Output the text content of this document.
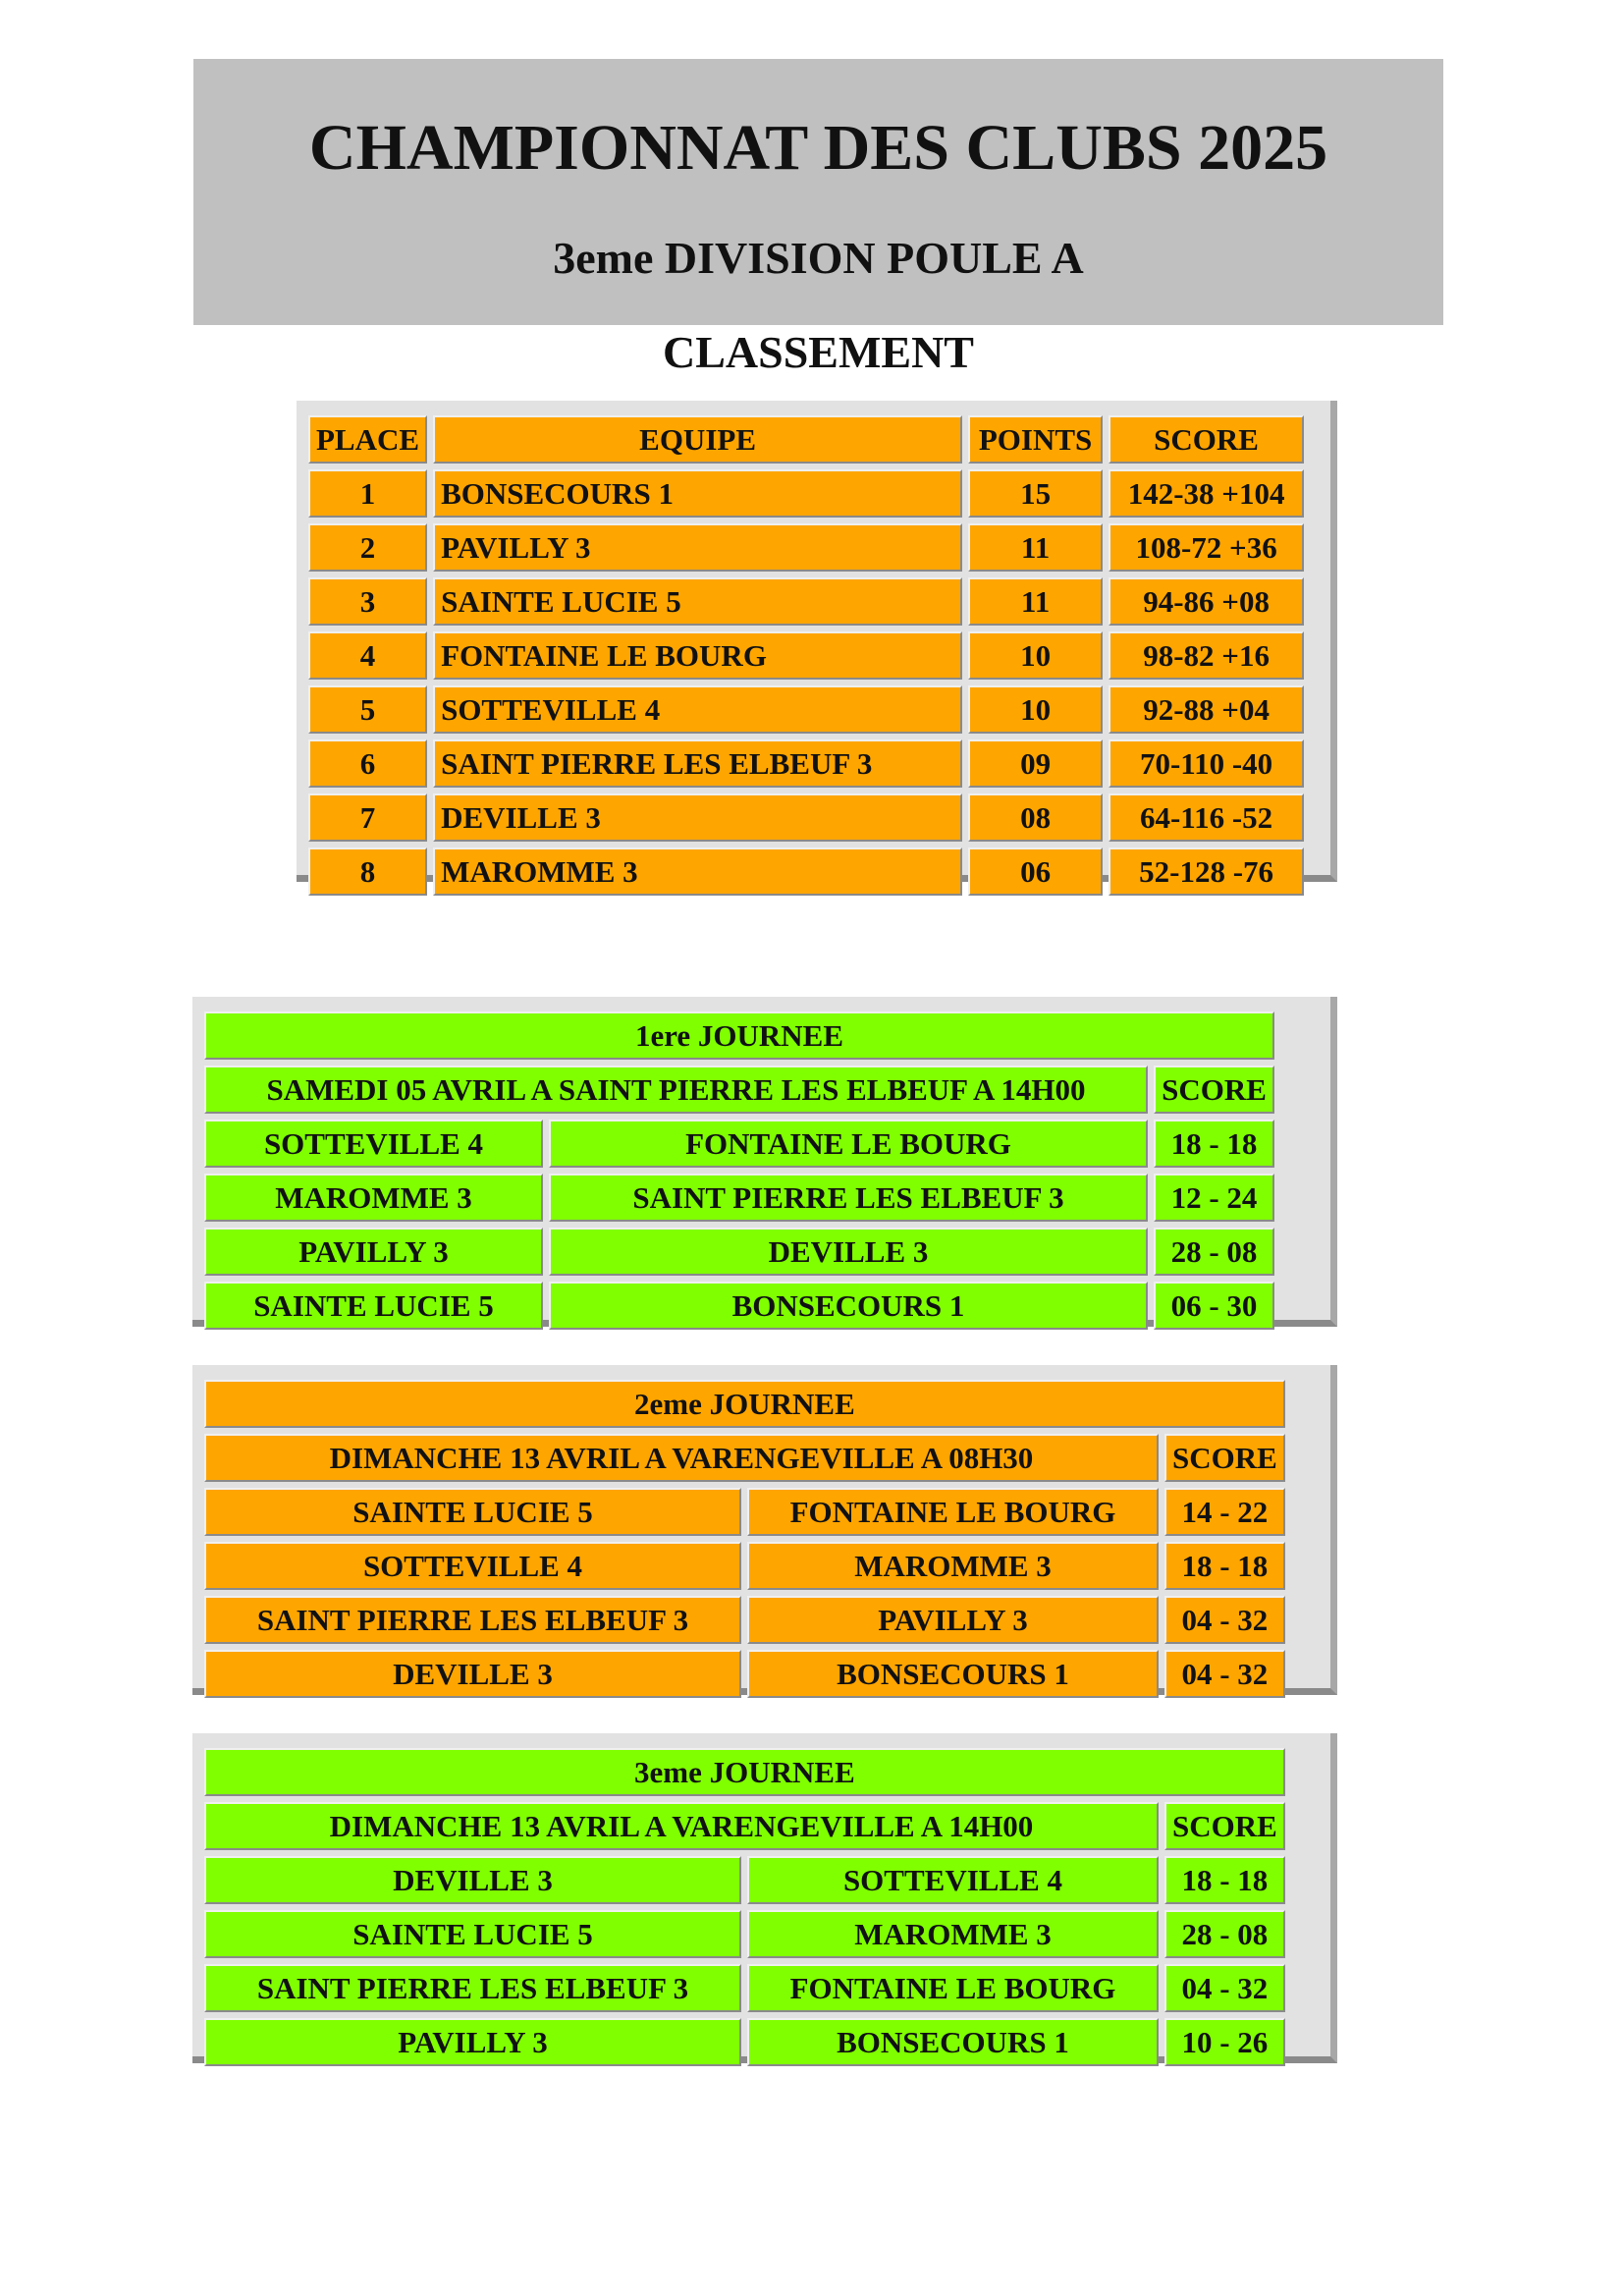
CHAMPIONNAT DES CLUBS 2025
3eme DIVISION POULE A
CLASSEMENT
PLACE	EQUIPE	POINTS	SCORE
1	BONSECOURS 1	15	142-38 +104
2	PAVILLY 3	11	108-72 +36
3	SAINTE LUCIE 5	11	94-86 +08
4	FONTAINE LE BOURG	10	98-82 +16
5	SOTTEVILLE 4	10	92-88 +04
6	SAINT PIERRE LES ELBEUF 3	09	70-110 -40
7	DEVILLE 3	08	64-116 -52
8	MAROMME 3	06	52-128 -76
1ere JOURNEE		
SAMEDI 05 AVRIL A SAINT PIERRE LES ELBEUF A 14H00		SCORE
SOTTEVILLE 4	FONTAINE LE BOURG	18 - 18
MAROMME 3	SAINT PIERRE LES ELBEUF 3	12 - 24
PAVILLY 3	DEVILLE 3	28 - 08
SAINTE LUCIE 5	BONSECOURS 1	06 - 30
2eme JOURNEE		
DIMANCHE 13 AVRIL A VARENGEVILLE A 08H30		SCORE
SAINTE LUCIE 5	FONTAINE LE BOURG	14 - 22
SOTTEVILLE 4	MAROMME 3	18 - 18
SAINT PIERRE LES ELBEUF 3	PAVILLY 3	04 - 32
DEVILLE 3	BONSECOURS 1	04 - 32
3eme JOURNEE		
DIMANCHE 13 AVRIL A VARENGEVILLE A 14H00		SCORE
DEVILLE 3	SOTTEVILLE 4	18 - 18
SAINTE LUCIE 5	MAROMME 3	28 - 08
SAINT PIERRE LES ELBEUF 3	FONTAINE LE BOURG	04 - 32
PAVILLY 3	BONSECOURS 1	10 - 26
